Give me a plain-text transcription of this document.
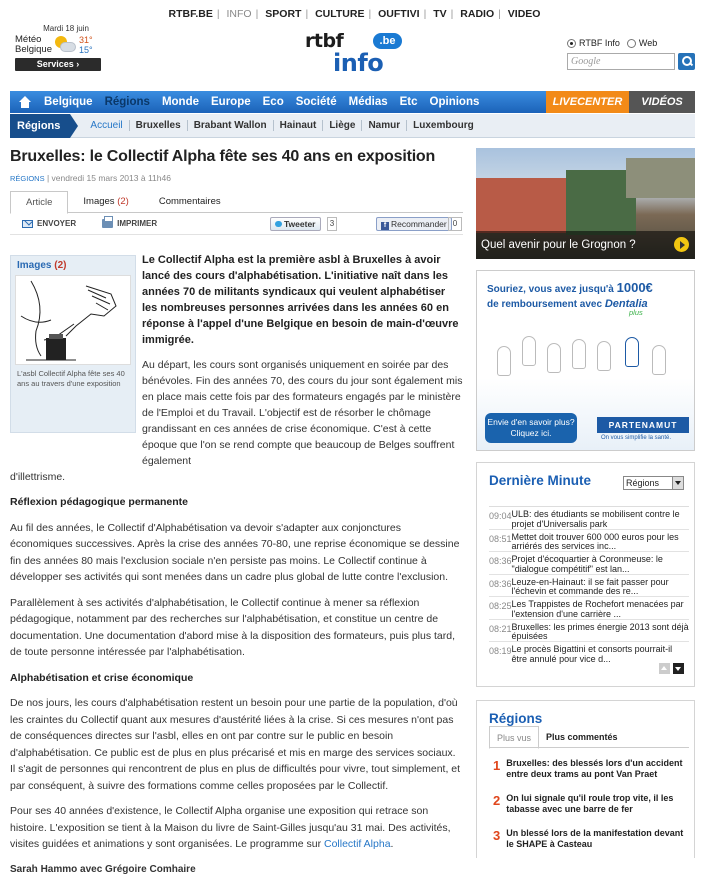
RTBF.BE | INFO | SPORT | CULTURE | OUFTIVI | TV | RADIO | VIDEO
Mardi 18 juin
Météo
Belgique
31°
15°
Services ›
rtbf	.be
info
RTBF Info Web
Google
Belgique	Régions	Monde	Europe	Eco	Société	Médias	Etc	Opinions	LIVECENTER	VIDÉOS
Régions	Accueil	Bruxelles	Brabant Wallon	Hainaut	Liège	Namur	Luxembourg
Bruxelles: le Collectif Alpha fête ses 40 ans en exposition
RÉGIONS | vendredi 15 mars 2013 à 11h46
Article	Images (2)	Commentaires
ENVOYER	IMPRIMER	Tweeter	3	f Recommander 0
Images (2)
L'asbl Collectif Alpha fête ses 40 ans au travers d'une exposition

Le Collectif Alpha est la première asbl à Bruxelles à avoir lancé des cours d'alphabétisation. L'initiative naît dans les années 70 de militants syndicaux qui veulent alphabétiser les nombreuses personnes arrivées dans les années 60 en réponse à l'appel d'une Belgique en besoin de main-d'œuvre immigrée.

Au départ, les cours sont organisés uniquement en soirée par des bénévoles. Fin des années 70, des cours du jour sont également mis en place mais cette fois par des formateurs engagés par le ministère de l'Emploi et du Travail. L'objectif est de résorber le chômage grandissant en ces années de crise économique. C'est à cette époque que l'on se rend compte que beaucoup de Belges souffrent également

d'illettrisme.

Réflexion pédagogique permanente

Au fil des années, le Collectif d'Alphabétisation va devoir s'adapter aux conjonctures économiques successives. Après la crise des années 70-80, une reprise économique se dessine fin des années 80 mais l'exclusion sociale n'en persiste pas moins. Le Collectif continue à développer ses activités qui sont menées dans un cadre plus global de lutte contre l'exclusion.

Parallèlement à ses activités d'alphabétisation, le Collectif continue à mener sa réflexion pédagogique, notamment par des recherches sur l'alphabétisation, et constitue un centre de documentation. Une documentation d'abord mise à la disposition des formateurs, puis plus tard, de toute personne intéressée par l'alphabétisation.

Alphabétisation et crise économique

De nos jours, les cours d'alphabétisation restent un besoin pour une partie de la population, d'où les craintes du Collectif quant aux mesures d'austérité liées à la crise. Si ces mesures n'ont pas de conséquences directes sur l'asbl, elles en ont par contre sur le public en besoin d'alphabétisation. Ce public est de plus en plus précarisé et mis en marge des services sociaux. Il s'agit de personnes qui rencontrent de plus en plus de difficultés pour vivre, tout simplement, et par conséquent, à suivre des formations comme celles proposées par le Collectif.

Pour ses 40 années d'existence, le Collectif Alpha organise une exposition qui retrace son histoire. L'exposition se tient à la Maison du livre de Saint-Gilles jusqu'au 31 mai. Des activités, visites guidées et animations y sont organisées. Le programme sur Collectif Alpha.

Sarah Hammo avec Grégoire Comhaire
Quel avenir pour le Grognon ?
Souriez, vous avez jusqu'à 1000€
de remboursement avec Dentalia
plus
Envie d'en savoir plus? Cliquez ici.
PARTENAMUT
On vous simplifie la santé.
Dernière Minute	Régions
09:04 ULB: des étudiants se mobilisent contre le projet d'Universalis park
08:51 Mettet doit trouver 600 000 euros pour les arriérés des services inc...
08:36 Projet d'écoquartier à Coronmeuse: le "dialogue compétitif" est lan...
08:36 Leuze-en-Hainaut: il se fait passer pour l'échevin et commande des re...
08:25 Les Trappistes de Rochefort menacées par l'extension d'une carrière ...
08:21 Bruxelles: les primes énergie 2013 sont déjà épuisées
08:19 Le procès Bigattini et consorts pourrait-il être annulé pour vice d...
Régions
Plus vus	Plus commentés
1 Bruxelles: des blessés lors d'un accident entre deux trams au pont Van Praet
2 On lui signale qu'il roule trop vite, il les tabasse avec une barre de fer
3 Un blessé lors de la manifestation devant le SHAPE à Casteau
